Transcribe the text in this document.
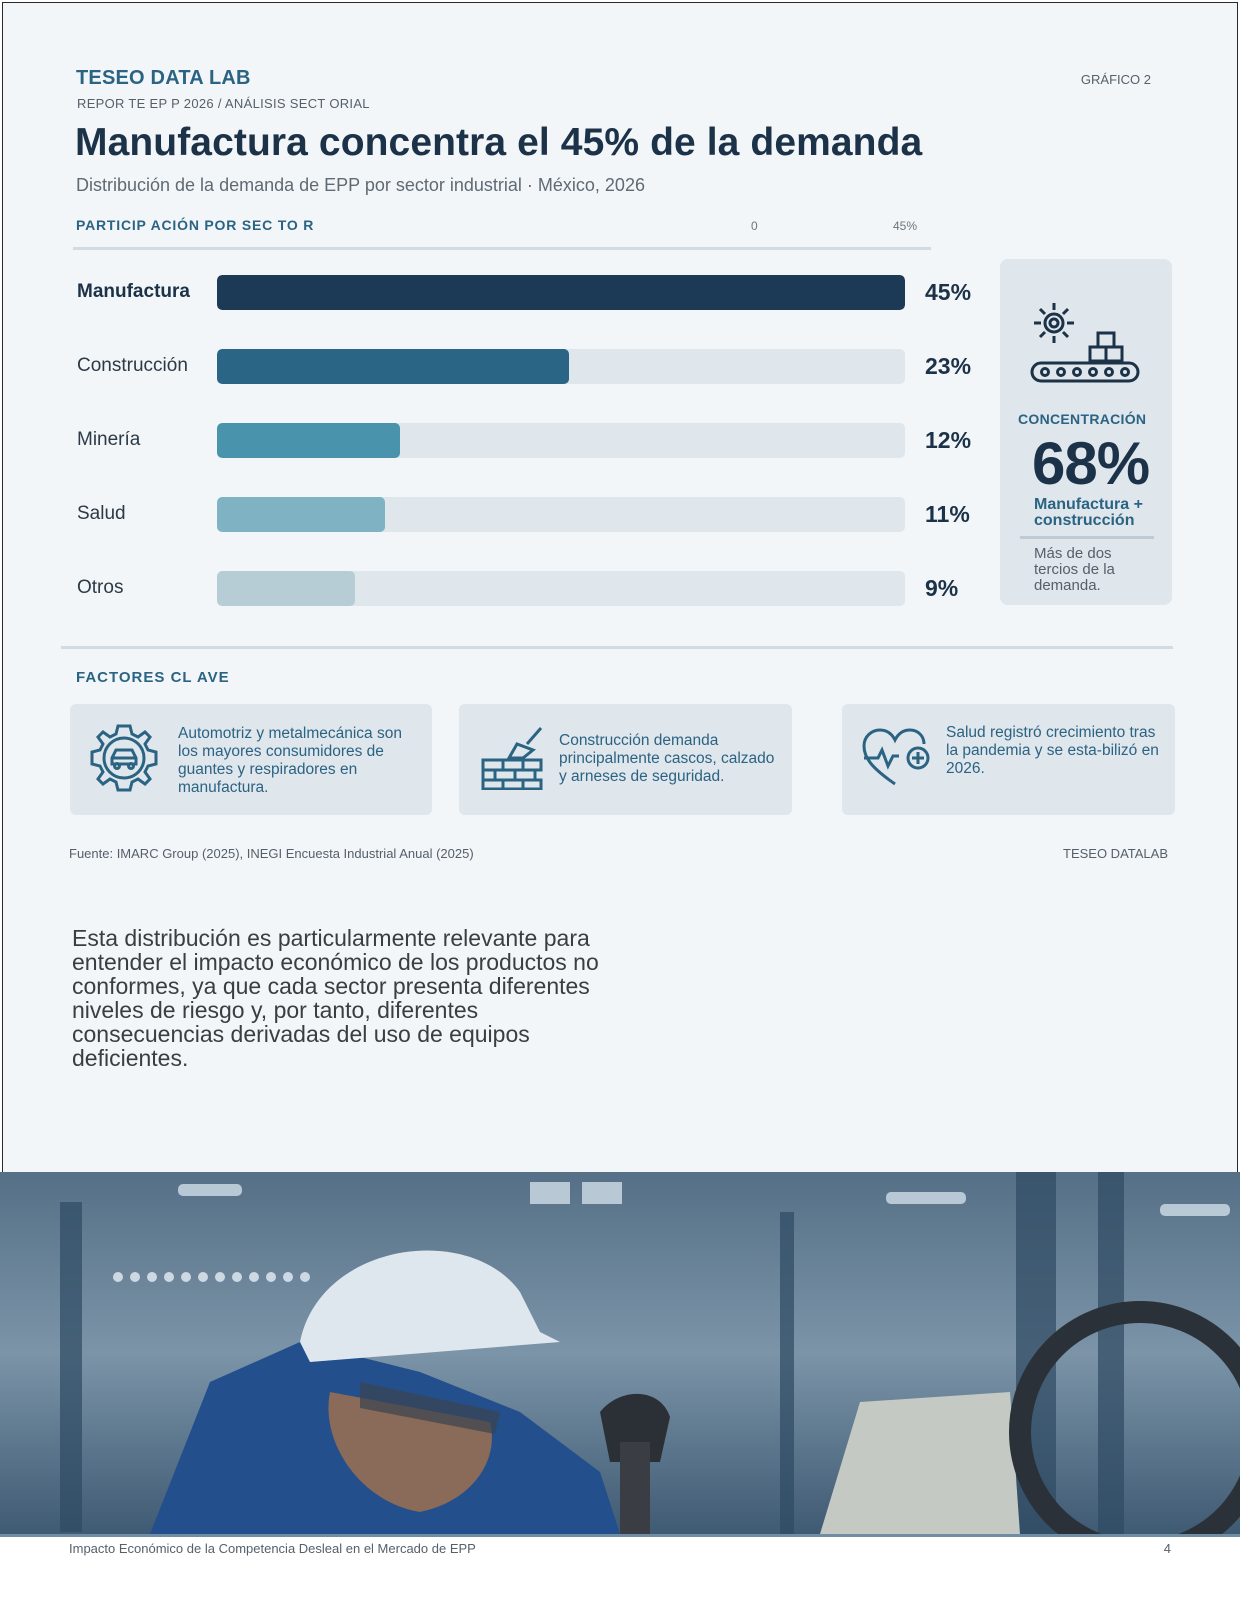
TESEO DATA LAB
REPOR TE EP P 2026 / ANÁLISIS SECT ORIAL
GRÁFICO 2
Manufactura concentra el 45% de la demanda
Distribución de la demanda de EPP por sector industrial · México, 2026
PARTICIP ACIÓN POR SEC TO R	0	45%
Manufactura	45%
Construcción	23%
Minería	12%
Salud	11%
Otros	9%
CONCENTRACIÓN
68%
Manufactura + construcción
Más de dos tercios de la demanda.
FACTORES CL AVE
Automotriz y metalmecánica son los mayores consumidores de guantes y respiradores en manufactura.
Construcción demanda principalmente cascos, calzado y arneses de seguridad.
Salud registró crecimiento tras la pandemia y se esta-bilizó en 2026.
Fuente: IMARC Group (2025), INEGI Encuesta Industrial Anual (2025)	TESEO DATALAB
Esta distribución es particularmente relevante para entender el impacto económico de los productos no conformes, ya que cada sector presenta diferentes niveles de riesgo y, por tanto, diferentes consecuencias derivadas del uso de equipos deficientes.
Impacto Económico de la Competencia Desleal en el Mercado de EPP	4
